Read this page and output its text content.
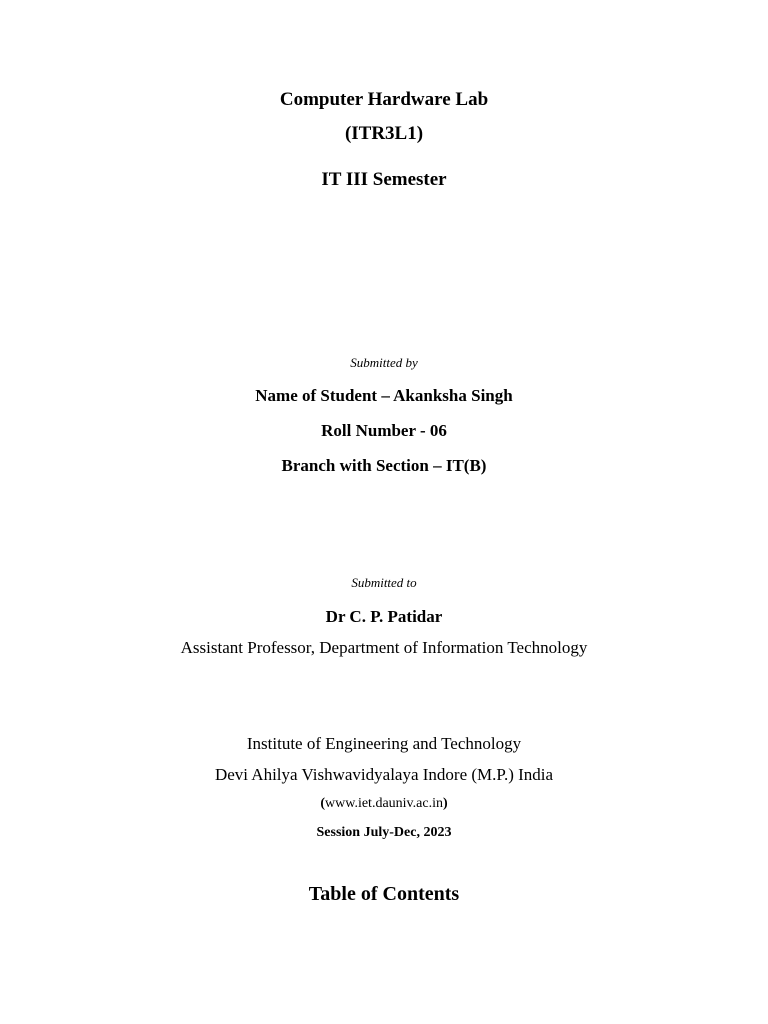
Computer Hardware Lab
(ITR3L1)
IT III Semester
Submitted by
Name of Student – Akanksha Singh
Roll Number - 06
Branch with Section – IT(B)
Submitted to
Dr C. P. Patidar
Assistant Professor, Department of Information Technology
Institute of Engineering and Technology
Devi Ahilya Vishwavidyalaya Indore (M.P.) India
(www.iet.dauniv.ac.in)
Session July-Dec, 2023
Table of Contents
